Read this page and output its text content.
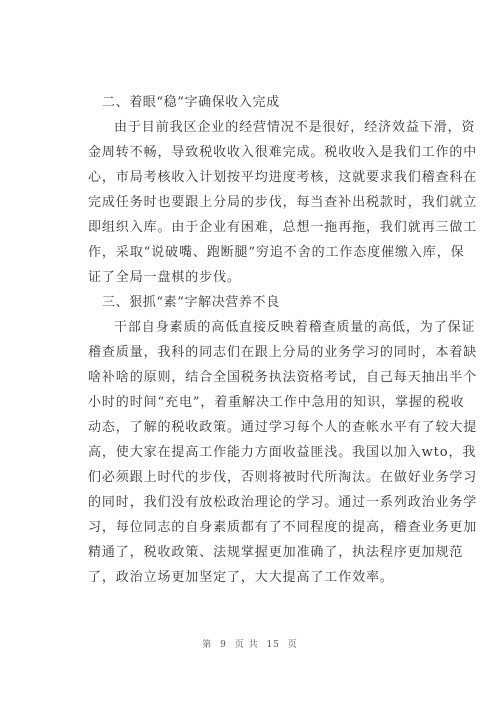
二、着眼“稳”字确保收入完成
由于目前我区企业的经营情况不是很好，经济效益下滑，资
金周转不畅，导致税收收入很难完成。税收收入是我们工作的中
心，市局考核收入计划按平均进度考核，这就要求我们稽查科在
完成任务时也要跟上分局的步伐，每当查补出税款时，我们就立
即组织入库。由于企业有困难，总想一拖再拖，我们就再三做工
作，采取“说破嘴、跑断腿”穷追不舍的工作态度催缴入库，保
证了全局一盘棋的步伐。
三、狠抓“素”字解决营养不良
干部自身素质的高低直接反映着稽查质量的高低，为了保证
稽查质量，我科的同志们在跟上分局的业务学习的同时，本着缺
啥补啥的原则，结合全国税务执法资格考试，自己每天抽出半个
小时的时间“充电”，着重解决工作中急用的知识，掌握的税收
动态，了解的税收政策。通过学习每个人的查帐水平有了较大提
高，使大家在提高工作能力方面收益匪浅。我国以加入wto，我
们必须跟上时代的步伐，否则将被时代所淘汰。在做好业务学习
的同时，我们没有放松政治理论的学习。通过一系列政治业务学
习，每位同志的自身素质都有了不同程度的提高，稽查业务更加
精通了，税收政策、法规掌握更加准确了，执法程序更加规范
了，政治立场更加坚定了，大大提高了工作效率。
第 9 页 共 15 页
